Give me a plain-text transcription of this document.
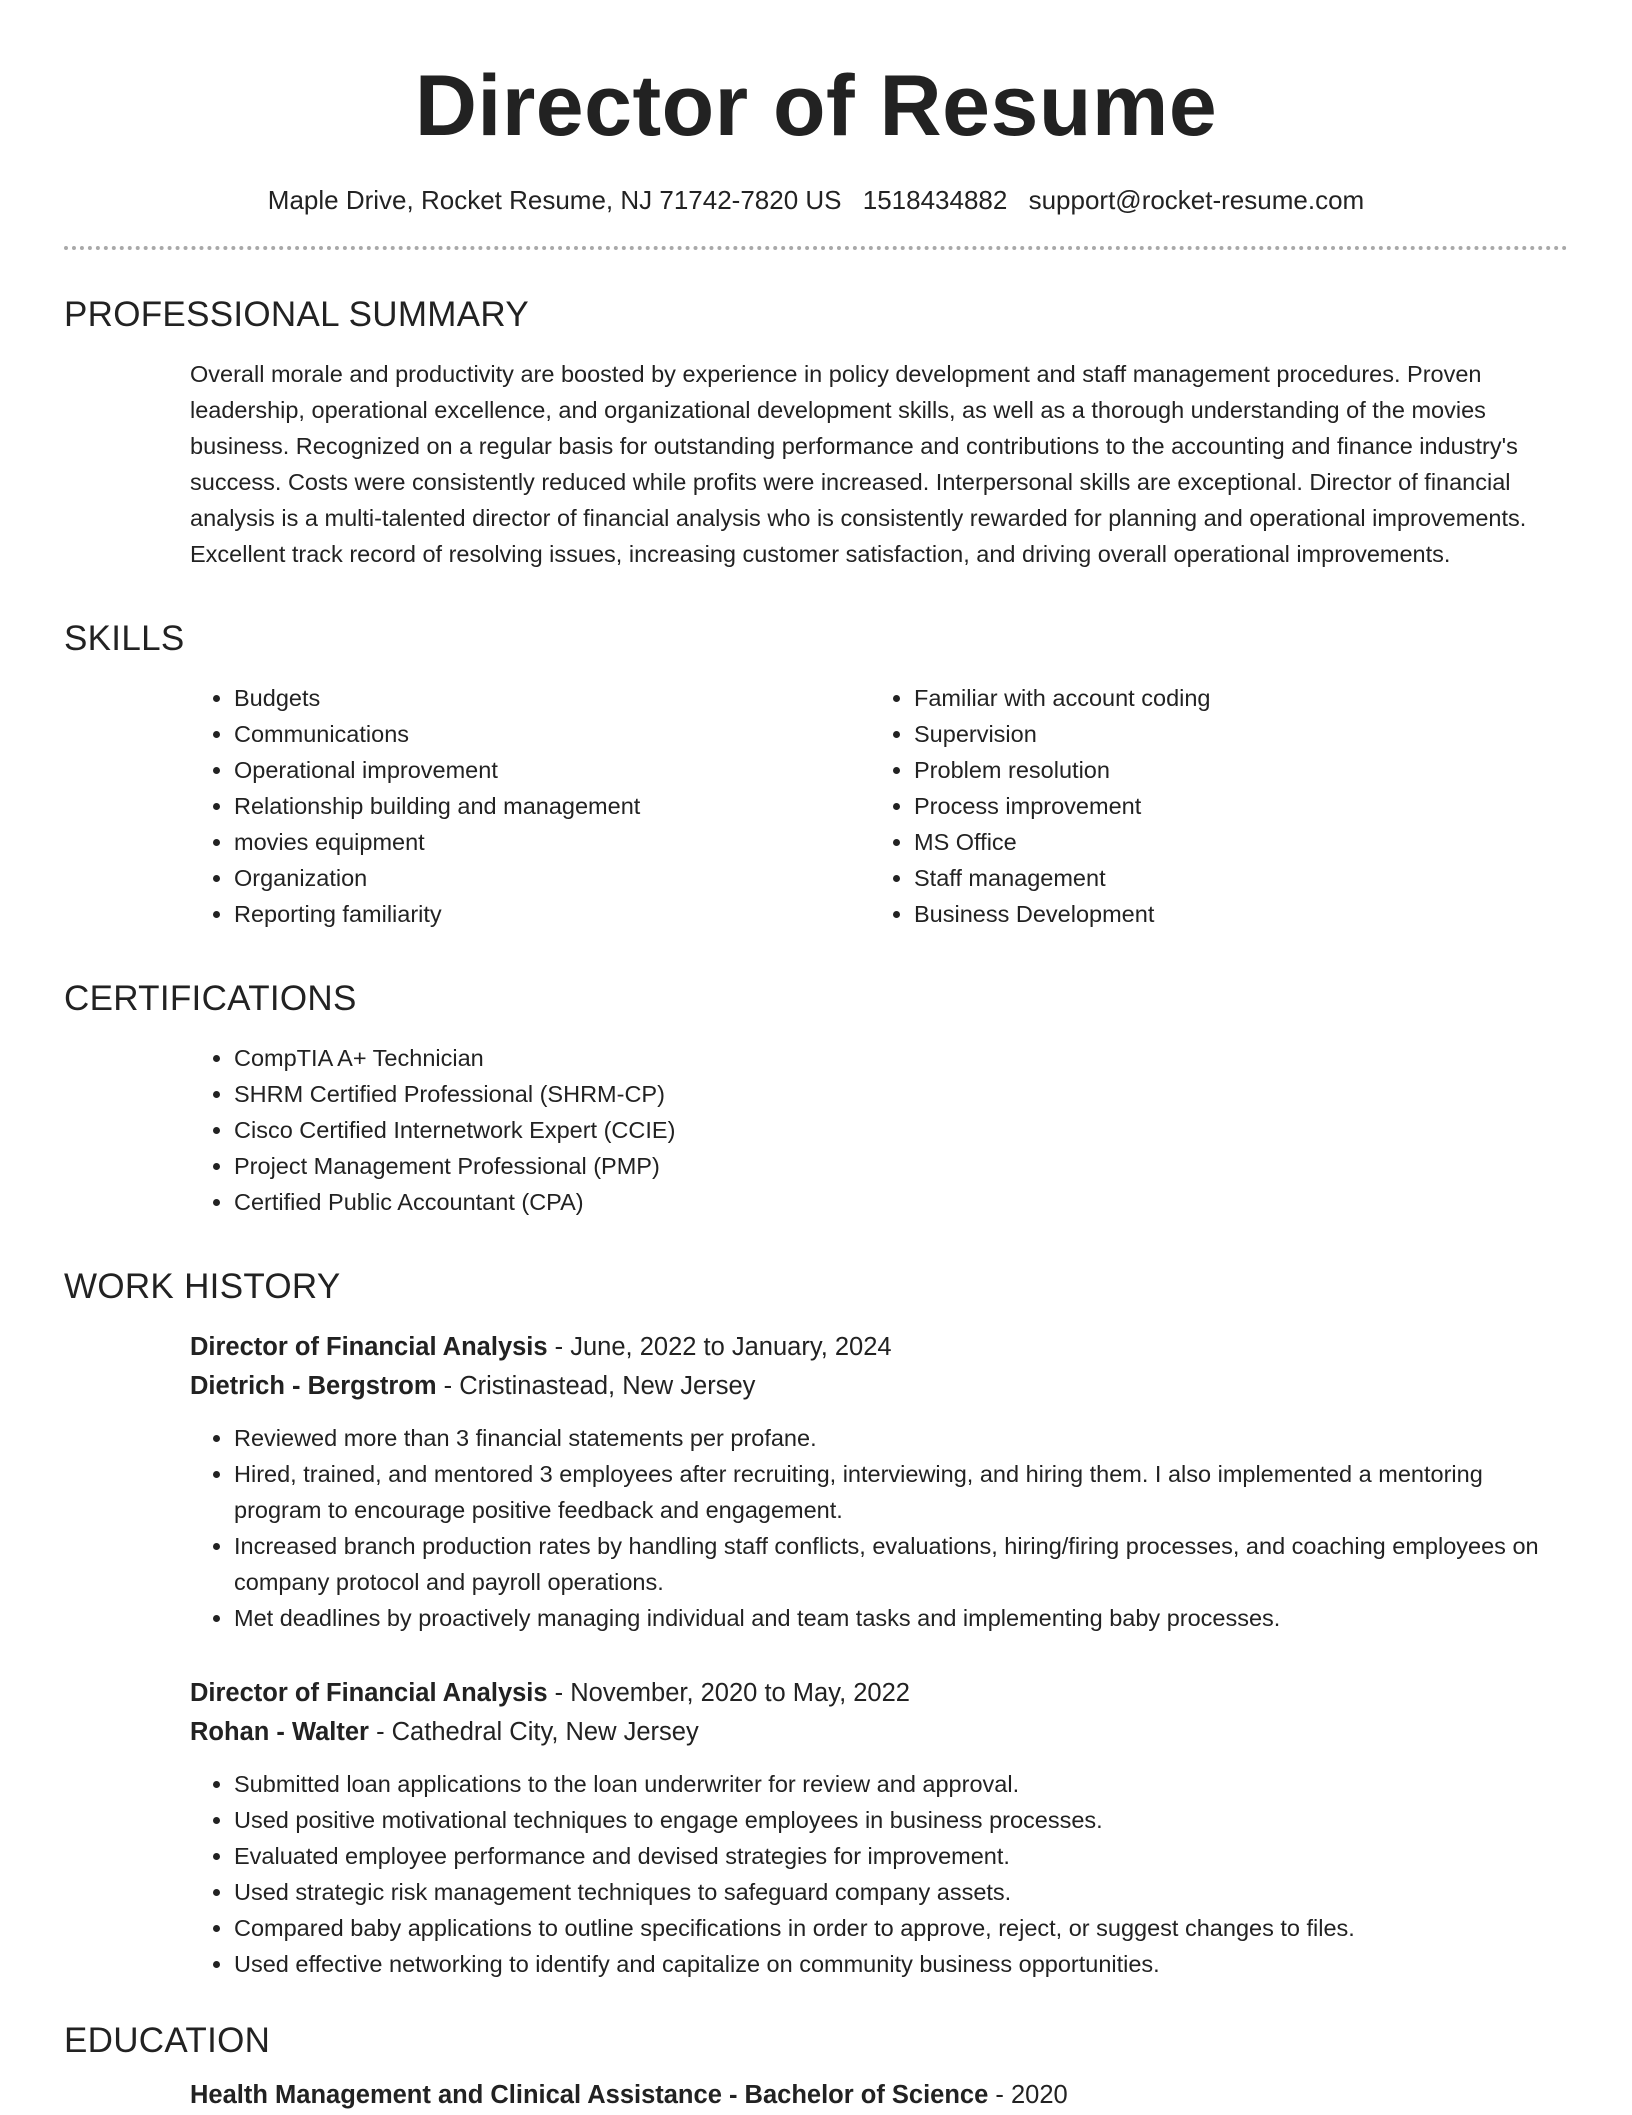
Director of Resume
Maple Drive, Rocket Resume, NJ 71742-7820 US 1518434882 support@rocket-resume.com
PROFESSIONAL SUMMARY

Overall morale and productivity are boosted by experience in policy development and staff management procedures. Proven leadership, operational excellence, and organizational development skills, as well as a thorough understanding of the movies business. Recognized on a regular basis for outstanding performance and contributions to the accounting and finance industry's success. Costs were consistently reduced while profits were increased. Interpersonal skills are exceptional. Director of financial analysis is a multi-talented director of financial analysis who is consistently rewarded for planning and operational improvements. Excellent track record of resolving issues, increasing customer satisfaction, and driving overall operational improvements.

SKILLS
• Budgets
• Communications
• Operational improvement
• Relationship building and management
• movies equipment
• Organization
• Reporting familiarity
• Familiar with account coding
• Supervision
• Problem resolution
• Process improvement
• MS Office
• Staff management
• Business Development
CERTIFICATIONS
• CompTIA A+ Technician
• SHRM Certified Professional (SHRM-CP)
• Cisco Certified Internetwork Expert (CCIE)
• Project Management Professional (PMP)
• Certified Public Accountant (CPA)
WORK HISTORY
Director of Financial Analysis - June, 2022 to January, 2024
Dietrich - Bergstrom - Cristinastead, New Jersey
• Reviewed more than 3 financial statements per profane.
• Hired, trained, and mentored 3 employees after recruiting, interviewing, and hiring them. I also implemented a mentoring program to encourage positive feedback and engagement.
• Increased branch production rates by handling staff conflicts, evaluations, hiring/firing processes, and coaching employees on company protocol and payroll operations.
• Met deadlines by proactively managing individual and team tasks and implementing baby processes.
Director of Financial Analysis - November, 2020 to May, 2022
Rohan - Walter - Cathedral City, New Jersey
• Submitted loan applications to the loan underwriter for review and approval.
• Used positive motivational techniques to engage employees in business processes.
• Evaluated employee performance and devised strategies for improvement.
• Used strategic risk management techniques to safeguard company assets.
• Compared baby applications to outline specifications in order to approve, reject, or suggest changes to files.
• Used effective networking to identify and capitalize on community business opportunities.
EDUCATION
Health Management and Clinical Assistance - Bachelor of Science - 2020
